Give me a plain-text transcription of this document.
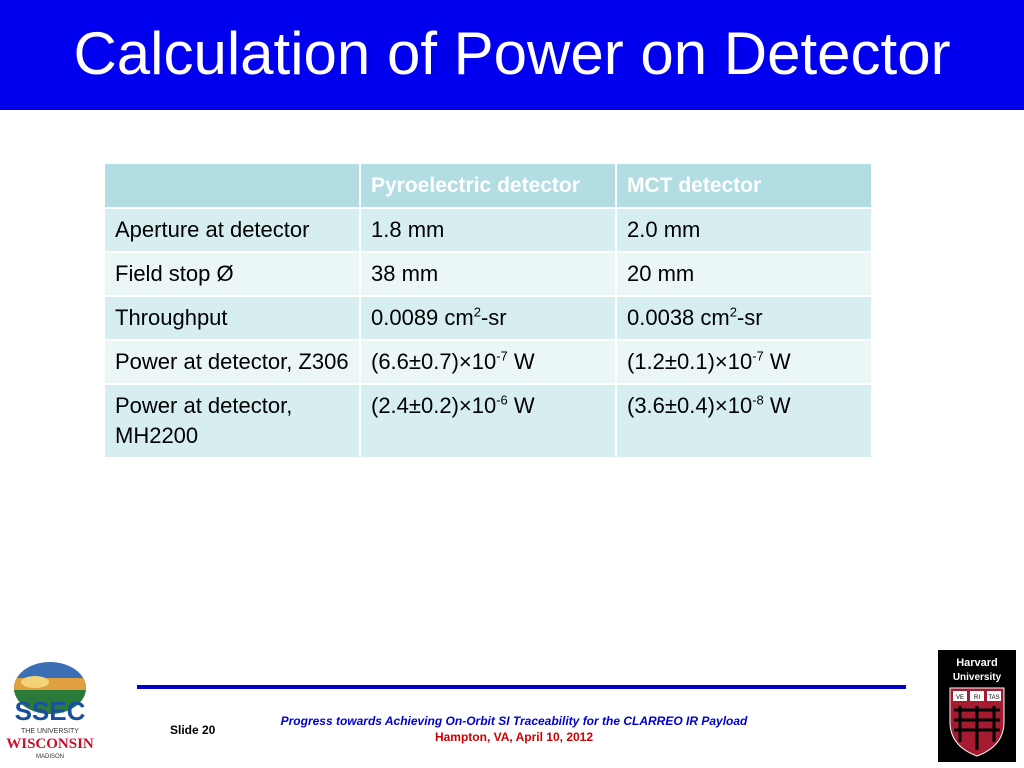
Calculation of Power on Detector
	Pyroelectric detector	MCT detector
Aperture at detector	1.8 mm	2.0 mm
Field stop Ø	38 mm	20 mm
Throughput	0.0089 $cm^2-sr$	0.0038 $cm^2-sr$
Power at detector, Z306	$(6.6\pm 0.7)\times 10^{-7}$ W	$(1.2\pm 0.1)\times 10^{-7}$ W
Power at detector, MH2200	$(2.4\pm 0.2)\times 10^{-6}$ W	$(3.6\pm 0.4)\times 10^{-8}$ W
SSEC
THE UNIVERSITY
WISCONSIN
MADISON
Slide 20
Progress towards Achieving On-Orbit SI Traceability for the CLARREO IR Payload
Hampton, VA, April 10, 2012
Harvard
University
VE RI TAS
